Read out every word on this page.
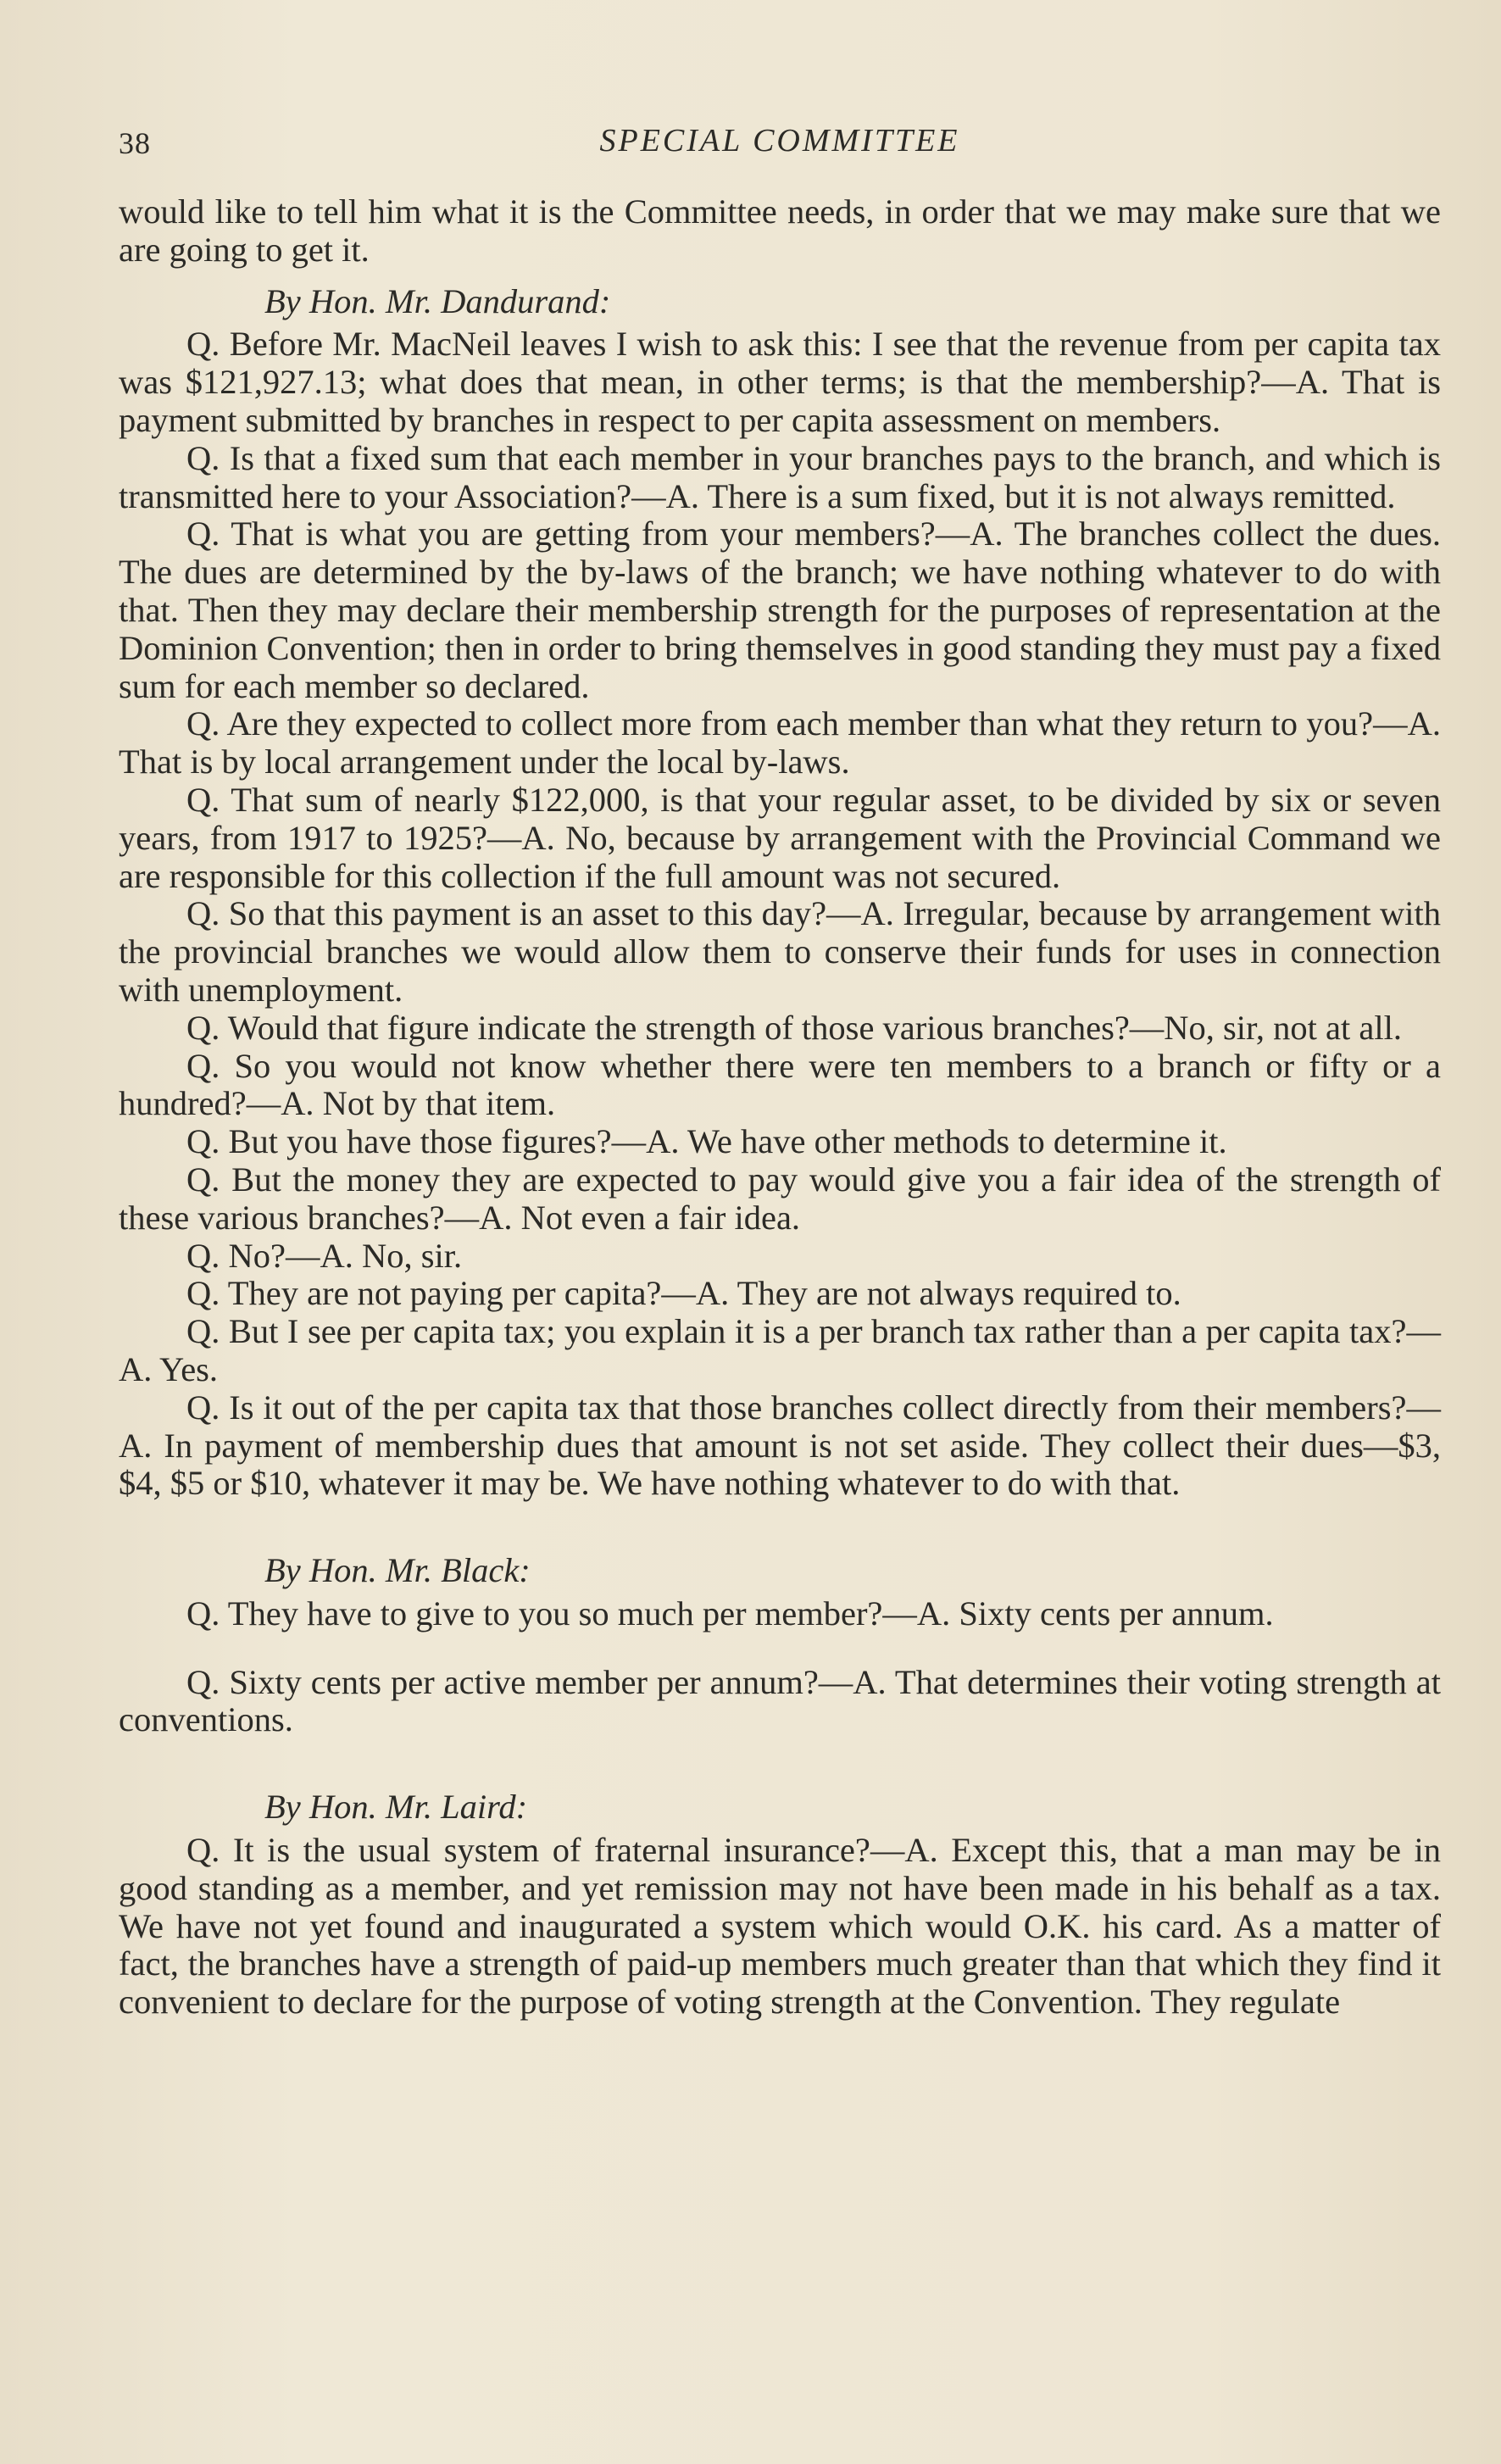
38	SPECIAL COMMITTEE

would like to tell him what it is the Committee needs, in order that we may make sure that we are going to get it.

By Hon. Mr. Dandurand:

Q. Before Mr. MacNeil leaves I wish to ask this: I see that the revenue from per capita tax was $121,927.13; what does that mean, in other terms; is that the membership?—A. That is payment submitted by branches in respect to per capita assessment on members.

Q. Is that a fixed sum that each member in your branches pays to the branch, and which is transmitted here to your Association?—A. There is a sum fixed, but it is not always remitted.

Q. That is what you are getting from your members?—A. The branches collect the dues. The dues are determined by the by-laws of the branch; we have nothing whatever to do with that. Then they may declare their membership strength for the purposes of representation at the Dominion Convention; then in order to bring themselves in good standing they must pay a fixed sum for each member so declared.

Q. Are they expected to collect more from each member than what they return to you?—A. That is by local arrangement under the local by-laws.

Q. That sum of nearly $122,000, is that your regular asset, to be divided by six or seven years, from 1917 to 1925?—A. No, because by arrangement with the Provincial Command we are responsible for this collection if the full amount was not secured.

Q. So that this payment is an asset to this day?—A. Irregular, because by arrangement with the provincial branches we would allow them to conserve their funds for uses in connection with unemployment.

Q. Would that figure indicate the strength of those various branches?—No, sir, not at all.

Q. So you would not know whether there were ten members to a branch or fifty or a hundred?—A. Not by that item.

Q. But you have those figures?—A. We have other methods to determine it.

Q. But the money they are expected to pay would give you a fair idea of the strength of these various branches?—A. Not even a fair idea.

Q. No?—A. No, sir.

Q. They are not paying per capita?—A. They are not always required to.

Q. But I see per capita tax; you explain it is a per branch tax rather than a per capita tax?—A. Yes.

Q. Is it out of the per capita tax that those branches collect directly from their members?—A. In payment of membership dues that amount is not set aside. They collect their dues—$3, $4, $5 or $10, whatever it may be. We have nothing whatever to do with that.

By Hon. Mr. Black:

Q. They have to give to you so much per member?—A. Sixty cents per annum.

Q. Sixty cents per active member per annum?—A. That determines their voting strength at conventions.

By Hon. Mr. Laird:

Q. It is the usual system of fraternal insurance?—A. Except this, that a man may be in good standing as a member, and yet remission may not have been made in his behalf as a tax. We have not yet found and inaugurated a system which would O.K. his card. As a matter of fact, the branches have a strength of paid-up members much greater than that which they find it convenient to declare for the purpose of voting strength at the Convention. They regulate
